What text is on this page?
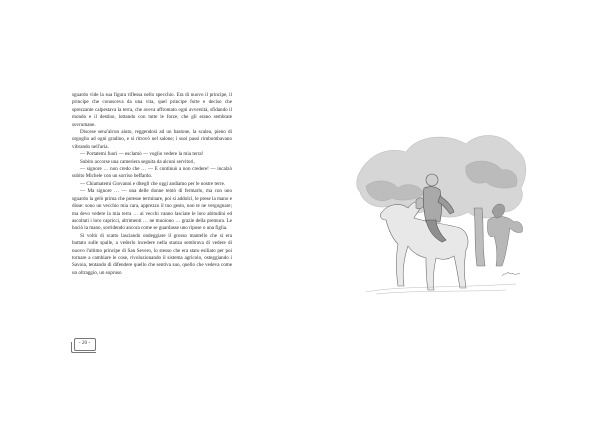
sguardo vide la sua figura riflessa nello specchio. Era di nuovo il principe, il principe che conosceva da una vita, quel principe forte e deciso che sprezzante calpestava la terra, che aveva affrontato ogni avversità, sfidando il mondo e il destino, lottando con tutte le forze, che gli erano sembrate sovrumane.

Discese senz'alcun aiuto, reggendosi ad un bastone, la scalea, pieno di orgoglio ad ogni gradino, e si ritrovò nel salone; i suoi passi rimbombavano vibrando nell'aria.

— Portatemi fuori — esclamò — voglio vedere la mia terra!

Subito accorse una cameriera seguita da alcuni servitori,

— signore … non credo che … — E continuò a non credere! — incalzò subito Michele con un sorriso beffardo.

— Chiamatemi Giovanni e ditegli che oggi andiamo per le nostre terre.

— Ma signore … — una delle donne tentò di fermarlo, ma con uno sguardo la gelò prima che potesse terminare, poi si addolcì, le prese la mano e disse: sono un vecchio mia cara, apprezzo il tuo gesto, non te ne vergognare; ma devo vedere la mia terra … ai vecchi vanno lasciate le loro abitudini ed ascoltati i loro capricci, altrimenti … ne muoiono … grazie della premura. Le baciò la mano, sorridendo ancora come se guardasse uno ripose o una figlia.

Si voltò di scatto lasciando ondeggiare il grosso mantello che si era buttato sulle spalle, a vederlo incedere nella stanza sembrava di vedere di nuovo l'ultimo principe di San Severo, lo stesso che era stato esiliato per poi tornare a cambiare le cose, rivoluzionando il sistema agricolo, osteggiando i Savoia, tentando di difendere quello che sentiva suo, quello che vedeva come un oltraggio, un sopruso

- 20 -
